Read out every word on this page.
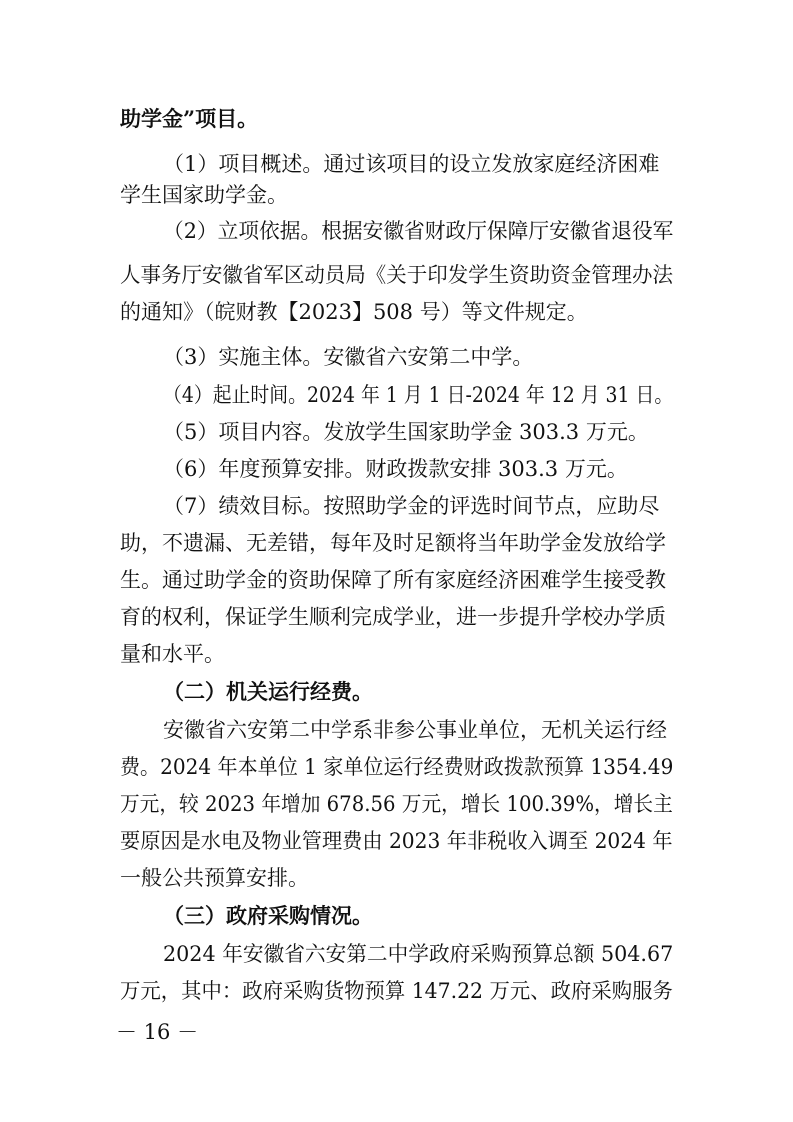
助学金”项目。
（1）项目概述。通过该项目的设立发放家庭经济困难
学生国家助学金。
（2）立项依据。根据安徽省财政厅保障厅安徽省退役军
人事务厅安徽省军区动员局《关于印发学生资助资金管理办法
的通知》（皖财教【2023】508 号）等文件规定。
（3）实施主体。安徽省六安第二中学。
（4）起止时间。2024 年 1 月 1 日-2024 年 12 月 31 日。
（5）项目内容。发放学生国家助学金 303.3 万元。
（6）年度预算安排。财政拨款安排 303.3 万元。
（7）绩效目标。按照助学金的评选时间节点，应助尽
助，不遗漏、无差错，每年及时足额将当年助学金发放给学
生。通过助学金的资助保障了所有家庭经济困难学生接受教
育的权利，保证学生顺利完成学业，进一步提升学校办学质
量和水平。
（二）机关运行经费。
安徽省六安第二中学系非参公事业单位，无机关运行经
费。2024 年本单位 1 家单位运行经费财政拨款预算 1354.49
万元，较 2023 年增加 678.56 万元，增长 100.39%，增长主
要原因是水电及物业管理费由 2023 年非税收入调至 2024 年
一般公共预算安排。
（三）政府采购情况。
2024 年安徽省六安第二中学政府采购预算总额 504.67
万元，其中：政府采购货物预算 147.22 万元、政府采购服务
－ 16 －
